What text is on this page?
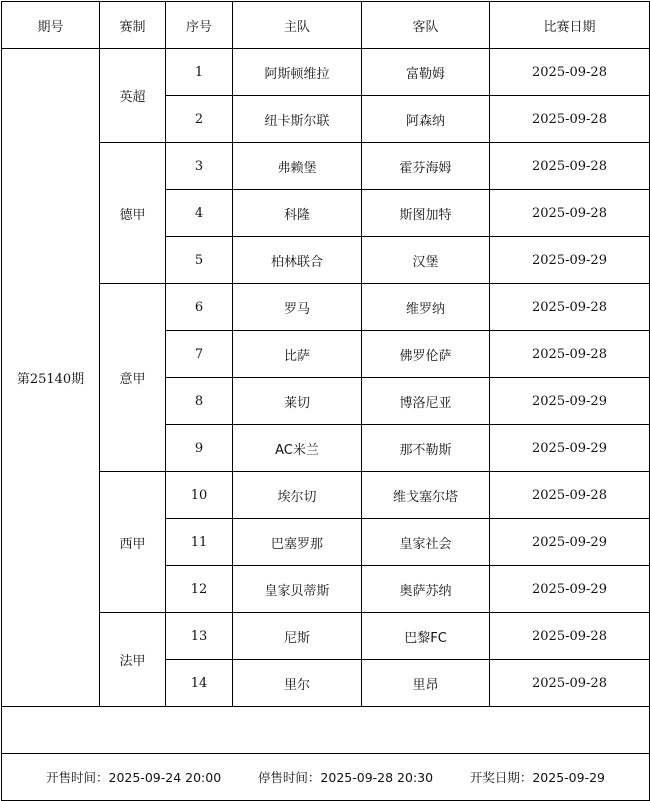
期号	赛制	序号	主队	客队	比赛日期
第25140期	英超	1	阿斯顿维拉	富勒姆	2025-09-28
		2	纽卡斯尔联	阿森纳	2025-09-28
	德甲	3	弗赖堡	霍芬海姆	2025-09-28
		4	科隆	斯图加特	2025-09-28
		5	柏林联合	汉堡	2025-09-29
	意甲	6	罗马	维罗纳	2025-09-28
		7	比萨	佛罗伦萨	2025-09-28
		8	莱切	博洛尼亚	2025-09-29
		9	AC米兰	那不勒斯	2025-09-29
	西甲	10	埃尔切	维戈塞尔塔	2025-09-28
		11	巴塞罗那	皇家社会	2025-09-29
		12	皇家贝蒂斯	奥萨苏纳	2025-09-29
	法甲	13	尼斯	巴黎FC	2025-09-28
		14	里尔	里昂	2025-09-28

开售时间：2025-09-24 20:00 停售时间：2025-09-28 20:30 开奖日期：2025-09-29					
